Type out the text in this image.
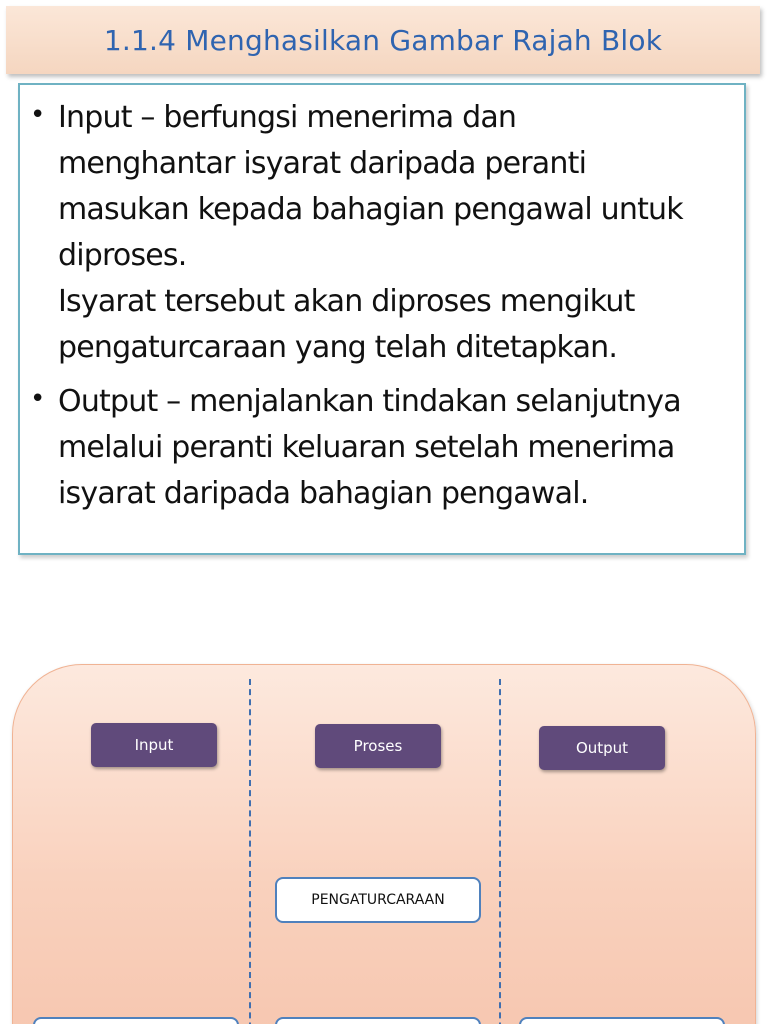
1.1.4 Menghasilkan Gambar Rajah Blok
• Input – berfungsi menerima dan
menghantar isyarat daripada peranti
masukan kepada bahagian pengawal untuk
diproses.
Isyarat tersebut akan diproses mengikut
pengaturcaraan yang telah ditetapkan.
• Output – menjalankan tindakan selanjutnya
melalui peranti keluaran setelah menerima
isyarat daripada bahagian pengawal.
Input	Proses	Output
PENGATURCARAAN
